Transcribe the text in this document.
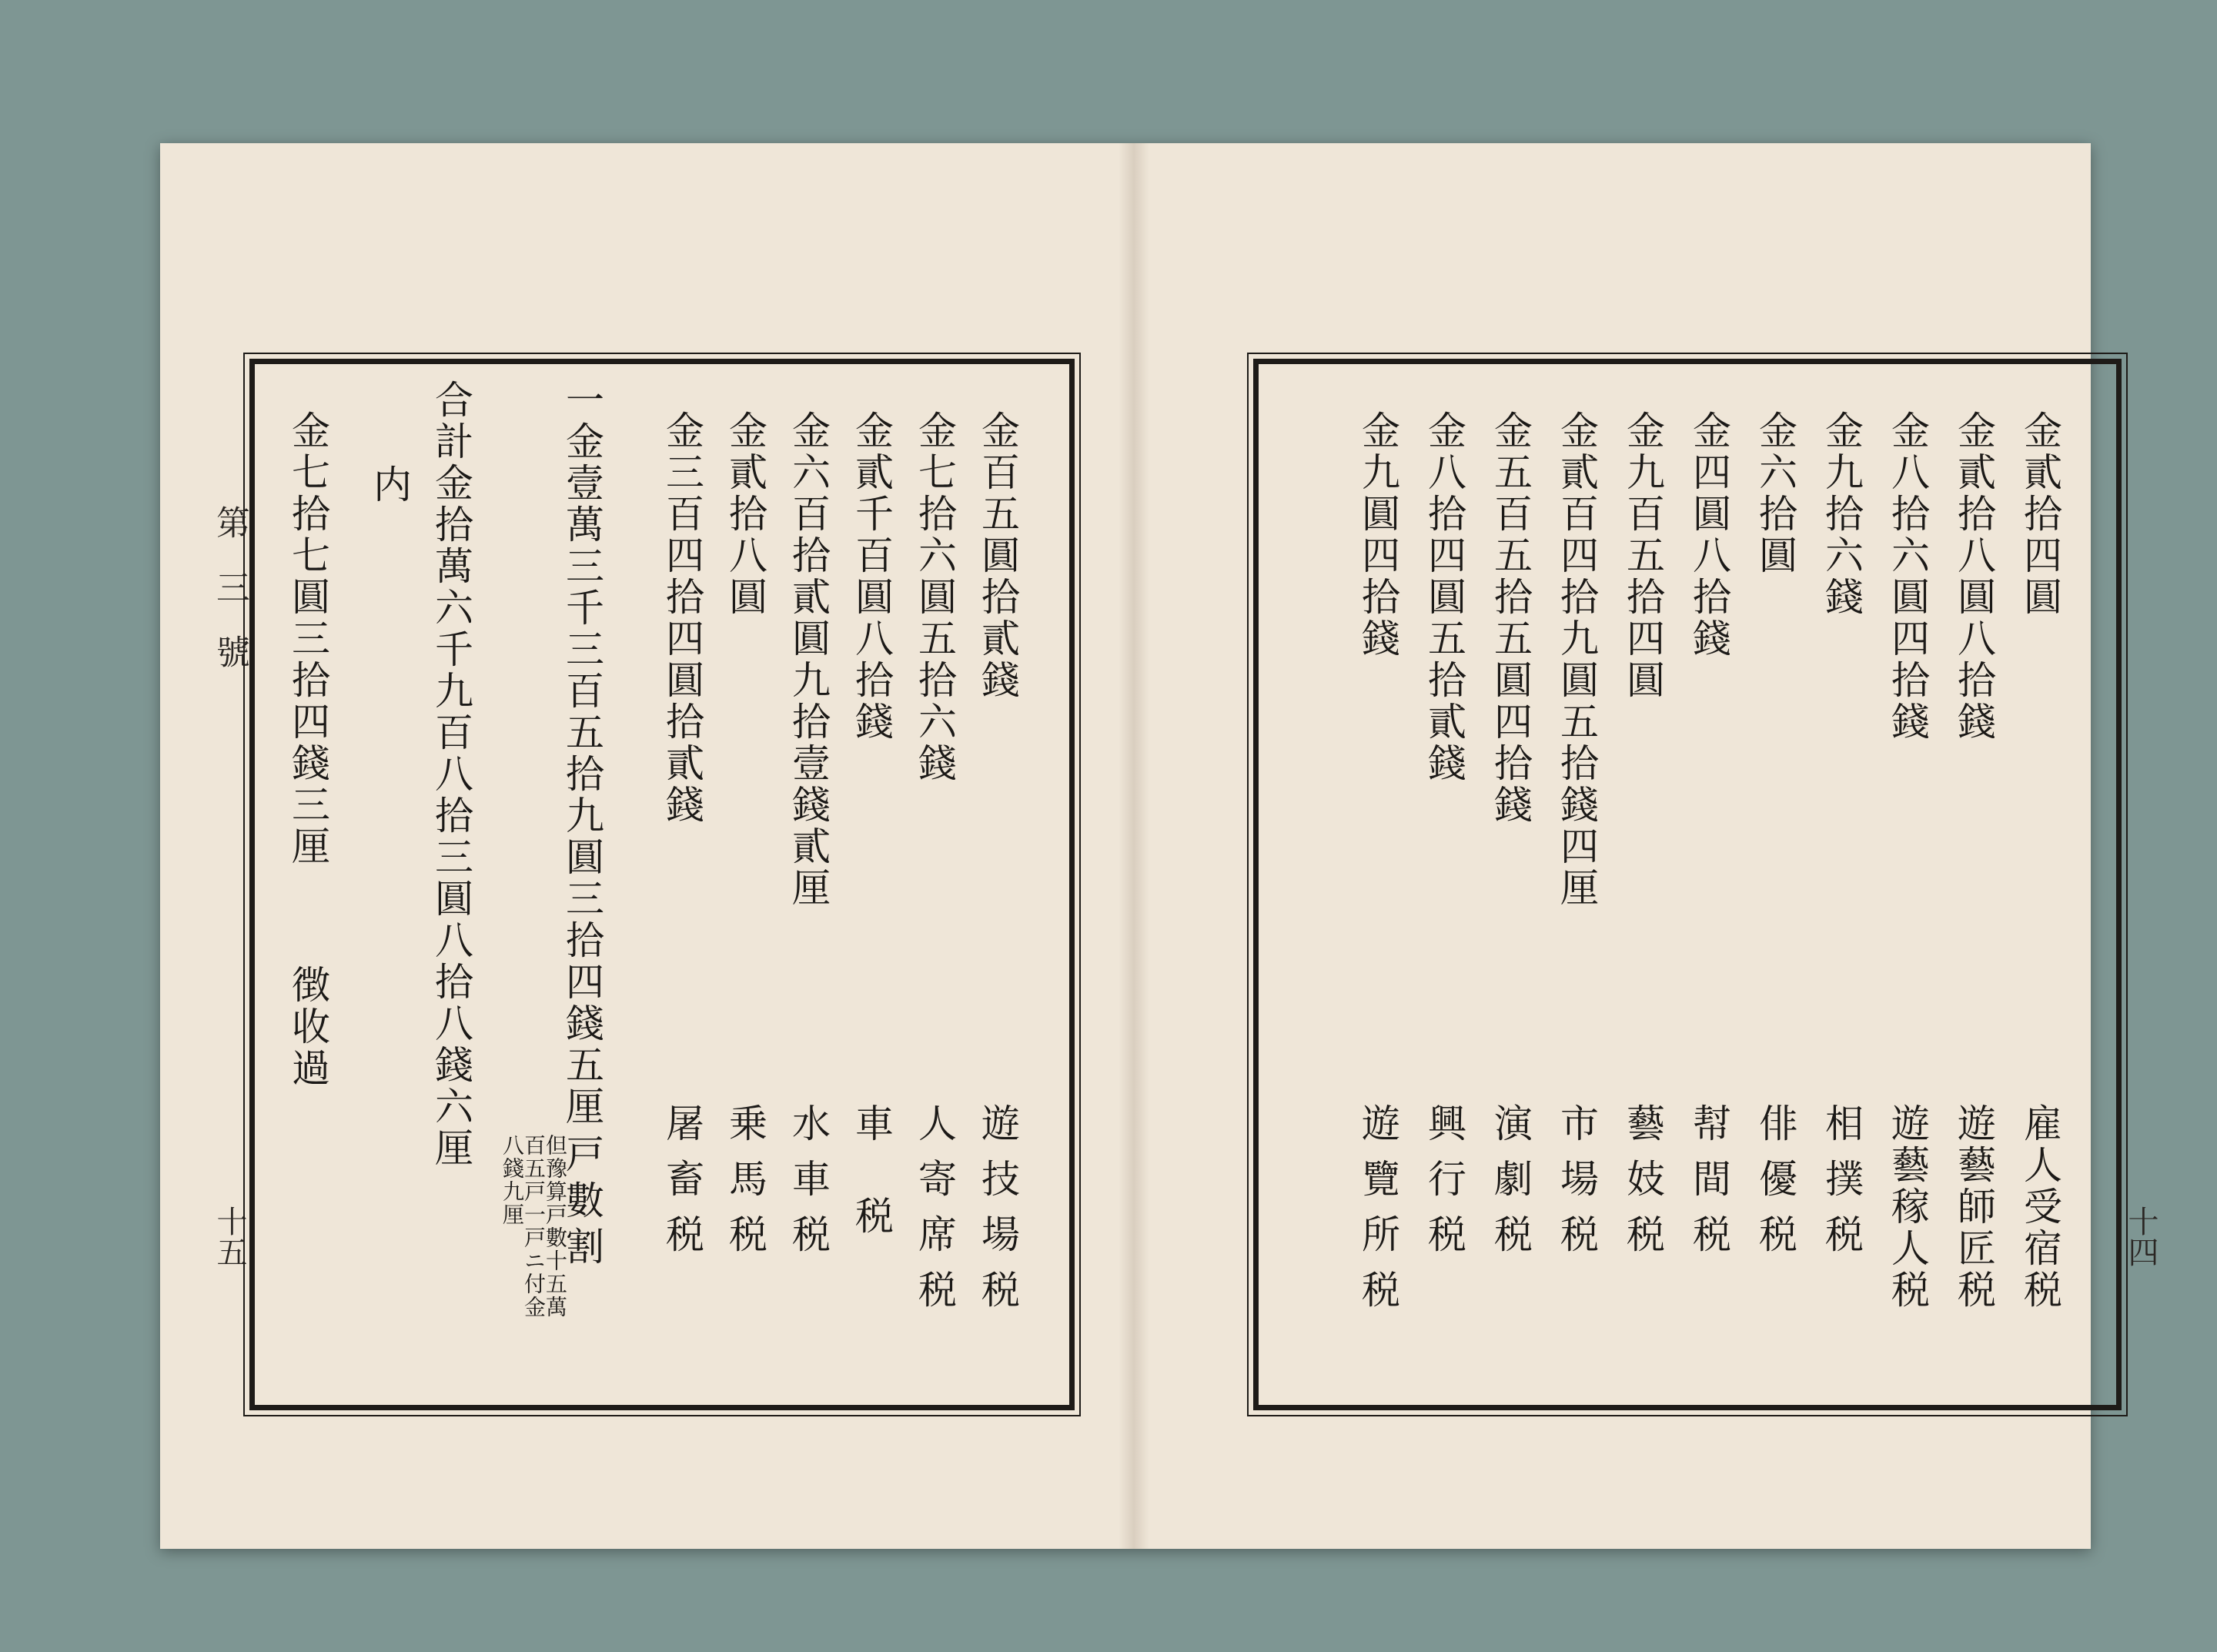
第三號
十五
金百五圓拾貳錢
遊技場税
金七拾六圓五拾六錢
人寄席税
金貳千百圓八拾錢
車税
金六百拾貳圓九拾壹錢貳厘
水車税
金貳拾八圓
乗馬税
金三百四拾四圓拾貳錢
屠畜税
一金壹萬三千三百五拾九圓三拾四錢五厘
戸數割
但豫算戸數十五萬百五戸一戸ニ付金八錢九厘
合計金拾萬六千九百八拾三圓八拾八錢六厘
内
金七拾七圓三拾四錢三厘
徴收過
十四
金貳拾四圓
雇人受宿税
金貳拾八圓八拾錢
遊藝師匠税
金八拾六圓四拾錢
遊藝稼人税
金九拾六錢
相撲税
金六拾圓
俳優税
金四圓八拾錢
幇間税
金九百五拾四圓
藝妓税
金貳百四拾九圓五拾錢四厘
市場税
金五百五拾五圓四拾錢
演劇税
金八拾四圓五拾貳錢
興行税
金九圓四拾錢
遊覽所税
